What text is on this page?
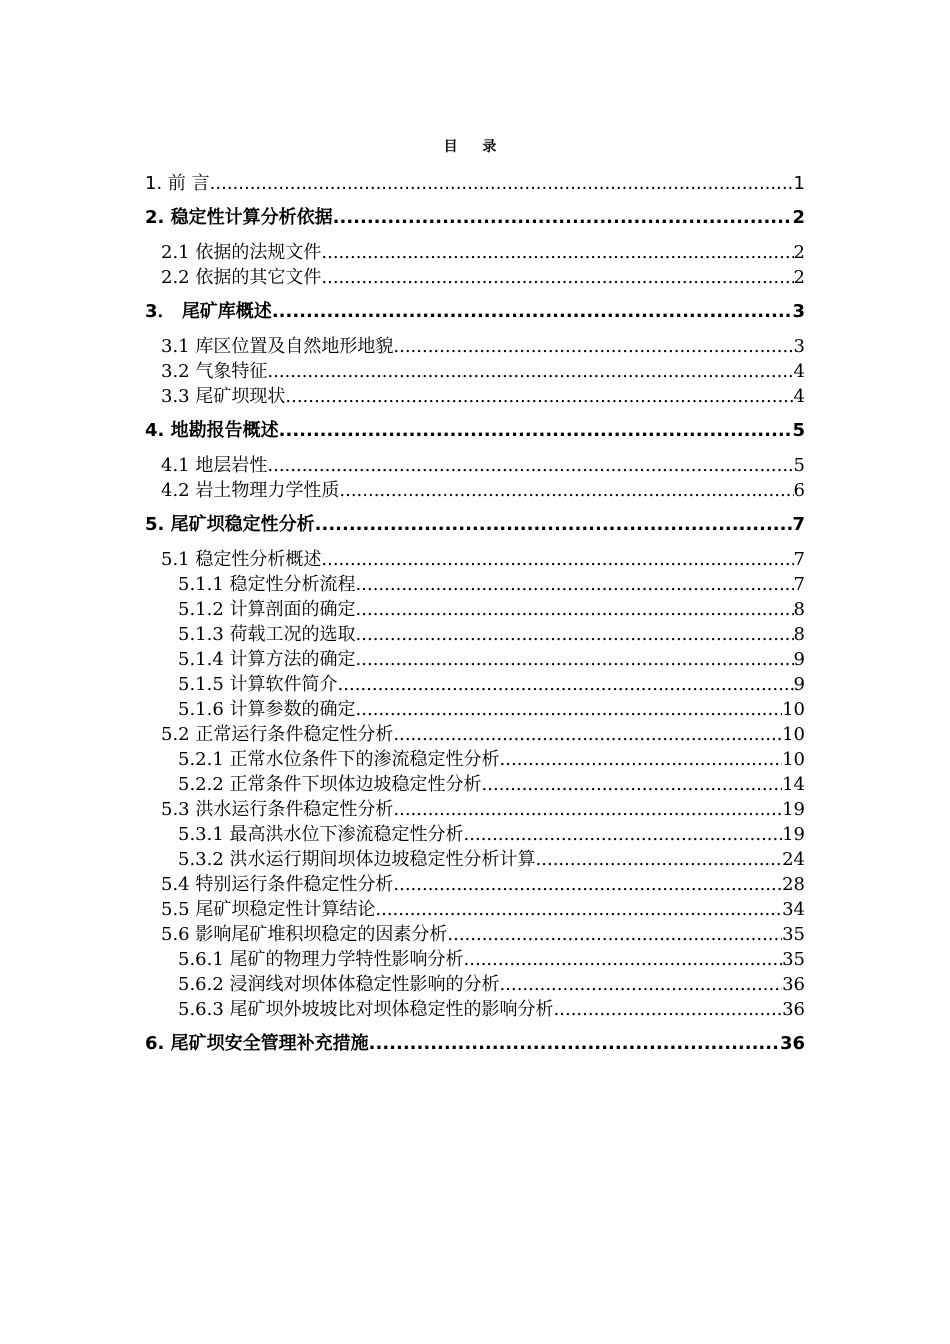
目 录
1. 前 言 .....	1
2. 稳定性计算分析依据 .....	2
2.1 依据的法规文件 .....	2
2.2 依据的其它文件 .....	2
3． 尾矿库概述 .....	3
3.1 库区位置及自然地形地貌 .....	3
3.2 气象特征 .....	4
3.3 尾矿坝现状 .....	4
4. 地勘报告概述 .....	5
4.1 地层岩性 .....	5
4.2 岩土物理力学性质 .....	6
5. 尾矿坝稳定性分析 .....	7
5.1 稳定性分析概述 .....	7
5.1.1 稳定性分析流程 .....	7
5.1.2 计算剖面的确定 .....	8
5.1.3 荷载工况的选取 .....	8
5.1.4 计算方法的确定 .....	9
5.1.5 计算软件简介 .....	9
5.1.6 计算参数的确定 .....	10
5.2 正常运行条件稳定性分析 .....	10
5.2.1 正常水位条件下的渗流稳定性分析 .....	10
5.2.2 正常条件下坝体边坡稳定性分析 .....	14
5.3 洪水运行条件稳定性分析 .....	19
5.3.1 最高洪水位下渗流稳定性分析 .....	19
5.3.2 洪水运行期间坝体边坡稳定性分析计算 .....	24
5.4 特别运行条件稳定性分析 .....	28
5.5 尾矿坝稳定性计算结论 .....	34
5.6 影响尾矿堆积坝稳定的因素分析 .....	35
5.6.1 尾矿的物理力学特性影响分析 .....	35
5.6.2 浸润线对坝体体稳定性影响的分析 .....	36
5.6.3 尾矿坝外坡坡比对坝体稳定性的影响分析 .....	36
6. 尾矿坝安全管理补充措施 .....	36
